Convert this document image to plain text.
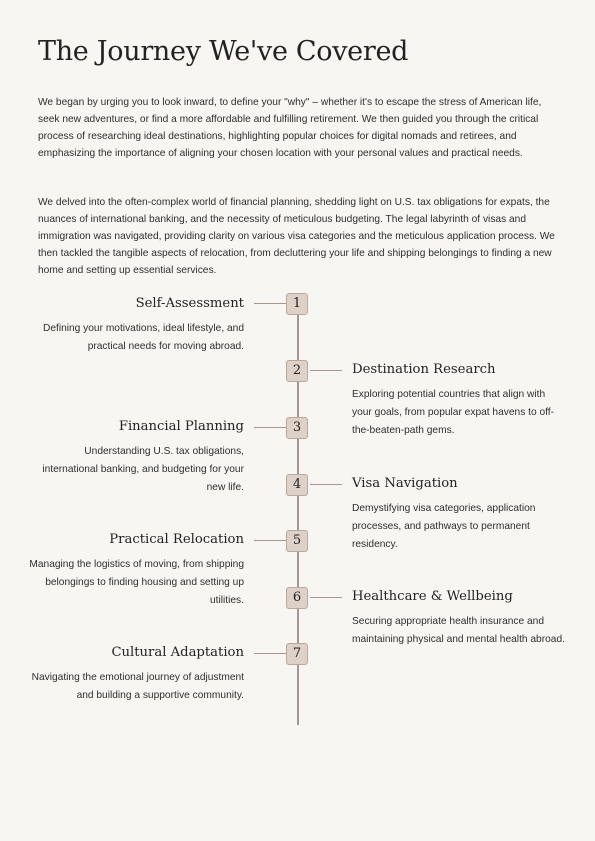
The Journey We've Covered

We began by urging you to look inward, to define your "why" – whether it's to escape the stress of American life, seek new adventures, or find a more affordable and fulfilling retirement. We then guided you through the critical process of researching ideal destinations, highlighting popular choices for digital nomads and retirees, and emphasizing the importance of aligning your chosen location with your personal values and practical needs.

We delved into the often-complex world of financial planning, shedding light on U.S. tax obligations for expats, the nuances of international banking, and the necessity of meticulous budgeting. The legal labyrinth of visas and immigration was navigated, providing clarity on various visa categories and the meticulous application process. We then tackled the tangible aspects of relocation, from decluttering your life and shipping belongings to finding a new home and setting up essential services.

1
Self-Assessment

Defining your motivations, ideal lifestyle, and practical needs for moving abroad.

2	Destination Research

Exploring potential countries that align with your goals, from popular expat havens to off-the-beaten-path gems.

3
Financial Planning

Understanding U.S. tax obligations, international banking, and budgeting for your new life.	4	Visa Navigation

Demystifying visa categories, application processes, and pathways to permanent residency.

5
Practical Relocation

Managing the logistics of moving, from shipping belongings to finding housing and setting up utilities.	6	Healthcare & Wellbeing

Securing appropriate health insurance and maintaining physical and mental health abroad.

7
Cultural Adaptation

Navigating the emotional journey of adjustment and building a supportive community.
